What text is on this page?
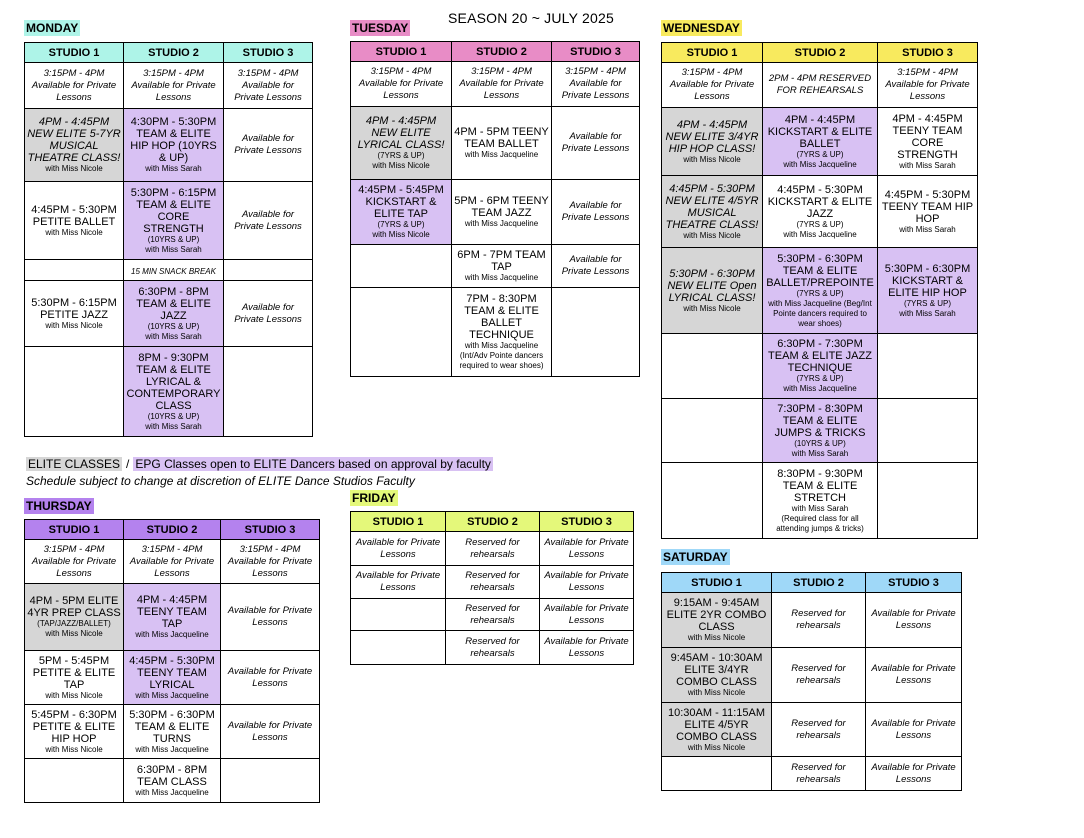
SEASON 20 ~ JULY 2025
MONDAY
STUDIO 1	STUDIO 2	STUDIO 3

3:15PM - 4PM Available for Private Lessons	3:15PM - 4PM Available for Private Lessons	3:15PM - 4PM Available for Private Lessons

4PM - 4:45PM NEW ELITE 5-7YR MUSICAL THEATRE CLASS!
with Miss Nicole	4:30PM - 5:30PM TEAM & ELITE HIP HOP (10YRS & UP)
with Miss Sarah	Available for Private Lessons

4:45PM - 5:30PM PETITE BALLET
with Miss Nicole	5:30PM - 6:15PM TEAM & ELITE CORE STRENGTH
(10YRS & UP)
with Miss Sarah	Available for Private Lessons

	15 MIN SNACK BREAK	

5:30PM - 6:15PM PETITE JAZZ
with Miss Nicole	6:30PM - 8PM TEAM & ELITE JAZZ
(10YRS & UP)
with Miss Sarah	Available for Private Lessons

	8PM - 9:30PM TEAM & ELITE LYRICAL & CONTEMPORARY CLASS
(10YRS & UP)
with Miss Sarah	

TUESDAY
STUDIO 1	STUDIO 2	STUDIO 3

3:15PM - 4PM Available for Private Lessons	3:15PM - 4PM Available for Private Lessons	3:15PM - 4PM Available for Private Lessons

4PM - 4:45PM NEW ELITE LYRICAL CLASS!
(7YRS & UP)
with Miss Nicole	4PM - 5PM TEENY TEAM BALLET
with Miss Jacqueline	Available for Private Lessons

4:45PM - 5:45PM KICKSTART & ELITE TAP
(7YRS & UP)
with Miss Nicole	5PM - 6PM TEENY TEAM JAZZ
with Miss Jacqueline	Available for Private Lessons

	6PM - 7PM TEAM TAP
with Miss Jacqueline	Available for Private Lessons

	7PM - 8:30PM TEAM & ELITE BALLET TECHNIQUE
with Miss Jacqueline (Int/Adv Pointe dancers required to wear shoes)	

WEDNESDAY
STUDIO 1	STUDIO 2	STUDIO 3

3:15PM - 4PM Available for Private Lessons	2PM - 4PM RESERVED FOR REHEARSALS	3:15PM - 4PM Available for Private Lessons

4PM - 4:45PM NEW ELITE 3/4YR HIP HOP CLASS!
with Miss Nicole	4PM - 4:45PM KICKSTART & ELITE BALLET
(7YRS & UP)
with Miss Jacqueline	4PM - 4:45PM TEENY TEAM CORE STRENGTH
with Miss Sarah

4:45PM - 5:30PM NEW ELITE 4/5YR MUSICAL THEATRE CLASS!
with Miss Nicole	4:45PM - 5:30PM KICKSTART & ELITE JAZZ
(7YRS & UP)
with Miss Jacqueline	4:45PM - 5:30PM TEENY TEAM HIP HOP
with Miss Sarah

5:30PM - 6:30PM NEW ELITE Open LYRICAL CLASS!
with Miss Nicole	5:30PM - 6:30PM TEAM & ELITE BALLET/PREPOINTE
(7YRS & UP)
with Miss Jacqueline (Beg/Int Pointe dancers required to wear shoes)	5:30PM - 6:30PM KICKSTART & ELITE HIP HOP
(7YRS & UP)
with Miss Sarah

	6:30PM - 7:30PM TEAM & ELITE JAZZ TECHNIQUE
(7YRS & UP)
with Miss Jacqueline	

	7:30PM - 8:30PM TEAM & ELITE JUMPS & TRICKS
(10YRS & UP)
with Miss Sarah	

	8:30PM - 9:30PM TEAM & ELITE STRETCH
with Miss Sarah
(Required class for all attending jumps & tricks)	

ELITE CLASSES / EPG Classes open to ELITE Dancers based on approval by faculty
Schedule subject to change at discretion of ELITE Dance Studios Faculty
THURSDAY
STUDIO 1	STUDIO 2	STUDIO 3

3:15PM - 4PM Available for Private Lessons	3:15PM - 4PM Available for Private Lessons	3:15PM - 4PM Available for Private Lessons

4PM - 5PM ELITE 4YR PREP CLASS
(TAP/JAZZ/BALLET)
with Miss Nicole	4PM - 4:45PM TEENY TEAM TAP
with Miss Jacqueline	Available for Private Lessons

5PM - 5:45PM PETITE & ELITE TAP
with Miss Nicole	4:45PM - 5:30PM TEENY TEAM LYRICAL
with Miss Jacqueline	Available for Private Lessons

5:45PM - 6:30PM PETITE & ELITE HIP HOP
with Miss Nicole	5:30PM - 6:30PM TEAM & ELITE TURNS
with Miss Jacqueline	Available for Private Lessons

	6:30PM - 8PM TEAM CLASS
with Miss Jacqueline	

FRIDAY
STUDIO 1	STUDIO 2	STUDIO 3

Available for Private Lessons	Reserved for rehearsals	Available for Private Lessons

Available for Private Lessons	Reserved for rehearsals	Available for Private Lessons

	Reserved for rehearsals	Available for Private Lessons

	Reserved for rehearsals	Available for Private Lessons
SATURDAY
STUDIO 1	STUDIO 2	STUDIO 3

9:15AM - 9:45AM ELITE 2YR COMBO CLASS
with Miss Nicole	Reserved for rehearsals	Available for Private Lessons

9:45AM - 10:30AM ELITE 3/4YR COMBO CLASS
with Miss Nicole	Reserved for rehearsals	Available for Private Lessons

10:30AM - 11:15AM ELITE 4/5YR COMBO CLASS
with Miss Nicole	Reserved for rehearsals	Available for Private Lessons

	Reserved for rehearsals	Available for Private Lessons
